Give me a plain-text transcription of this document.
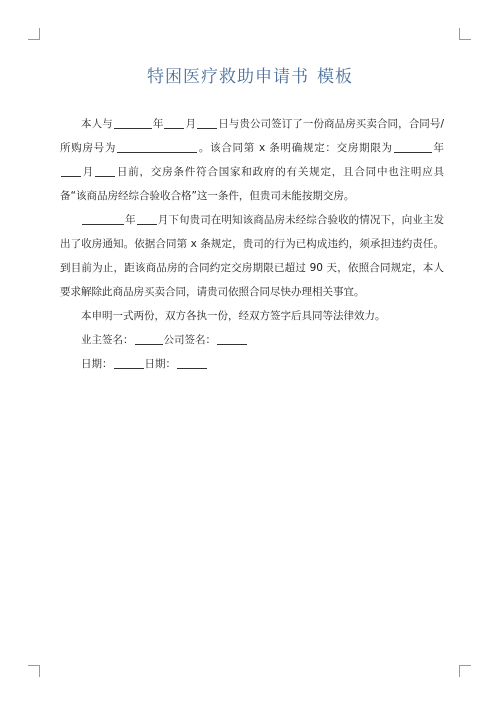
特困医疗救助申请书 模板

本人与	年 月 日与贵公司签订了一份商品房买卖合同，合同号/所购房号为	。该合同第 x 条明确规定：交房期限为	年月 日前，交房条件符合国家和政府的有关规定，且合同中也注明应具备“该商品房经综合验收合格”这一条件，但贵司未能按期交房。

年 月下旬贵司在明知该商品房未经综合验收的情况下，向业主发出了收房通知。依据合同第 x 条规定，贵司的行为已构成违约，须承担违约责任。到目前为止，距该商品房的合同约定交房期限已超过 90 天，依照合同规定，本人要求解除此商品房买卖合同，请贵司依照合同尽快办理相关事宜。

本申明一式两份，双方各执一份，经双方签字后具同等法律效力。

业主签名：	公司签名：

日期：	日期：
